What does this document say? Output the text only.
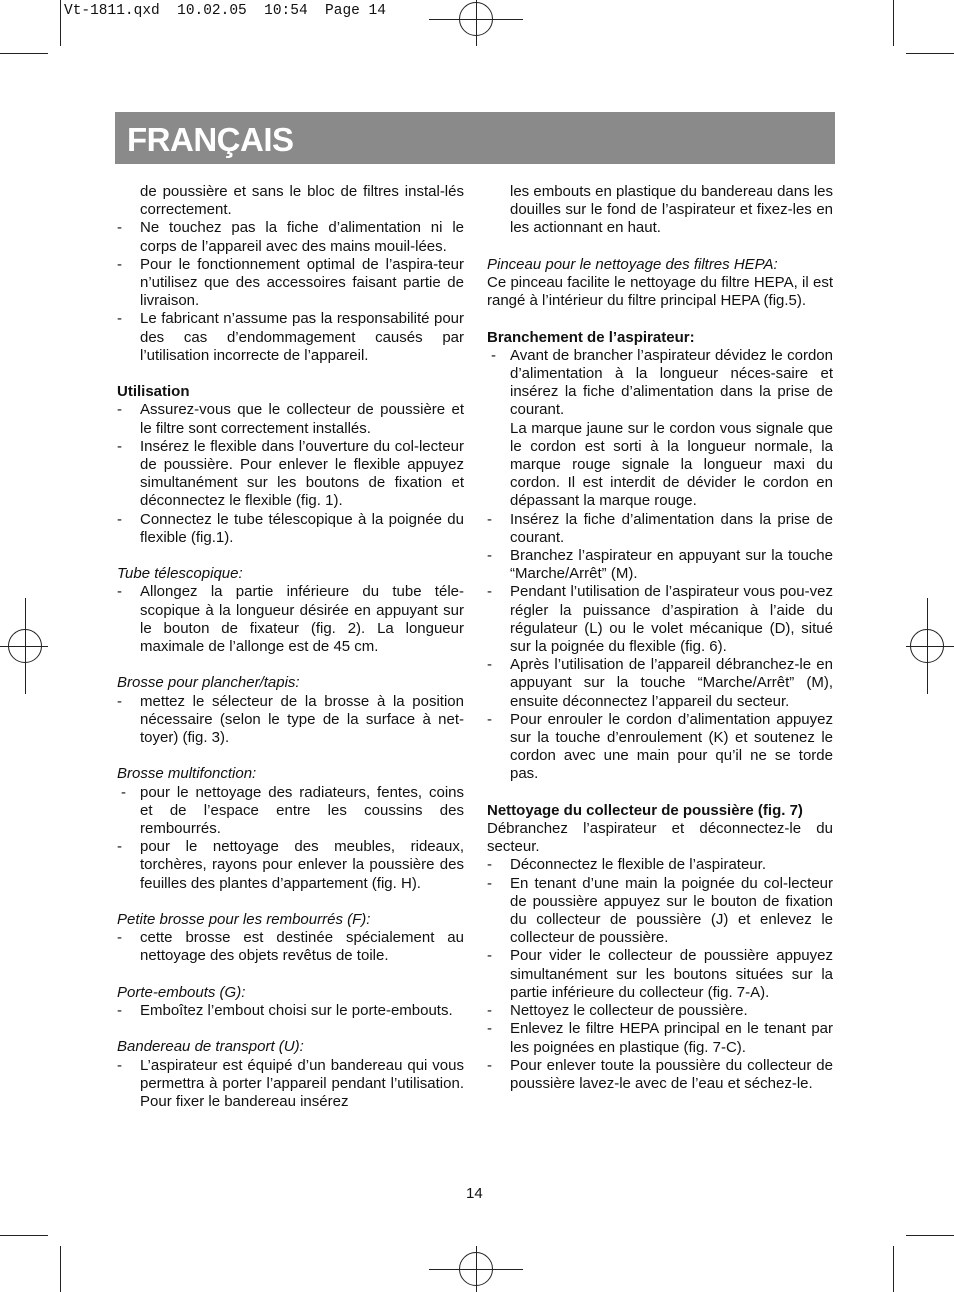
Vt-1811.qxd  10.02.05  10:54  Page 14
FRANÇAIS

de poussière et sans le bloc de filtres instal-lés correctement.

- Ne touchez pas la fiche d’alimentation ni le corps de l’appareil avec des mains mouil-lées.

- Pour le fonctionnement optimal de l’aspira-teur n’utilisez que des accessoires faisant partie de livraison.

- Le fabricant n’assume pas la responsabilité pour des cas d’endommagement causés par l’utilisation incorrecte de l’appareil.

Utilisation

- Assurez-vous que le collecteur de poussière et le filtre sont correctement installés.

- Insérez le flexible dans l’ouverture du col-lecteur de poussière. Pour enlever le flexible appuyez simultanément sur les boutons de fixation et déconnectez le flexible (fig. 1).

- Connectez le tube télescopique à la poignée du flexible (fig.1).

Tube télescopique:

- Allongez la partie inférieure du tube téle-scopique à la longueur désirée en appuyant sur le bouton de fixateur (fig. 2). La longueur maximale de l’allonge est de 45 cm.

Brosse pour plancher/tapis:

- mettez le sélecteur de la brosse à la position nécessaire (selon le type de la surface à net-toyer) (fig. 3).

Brosse multifonction:

- pour le nettoyage des radiateurs, fentes, coins et de l’espace entre les coussins des rembourrés.

- pour le nettoyage des meubles, rideaux, torchères, rayons pour enlever la poussière des feuilles des plantes d’appartement (fig. H).

Petite brosse pour les rembourrés (F):

- cette brosse est destinée spécialement au nettoyage des objets revêtus de toile.

Porte-embouts (G):

- Emboîtez l’embout choisi sur le porte-embouts.

Bandereau de transport (U):

- L’aspirateur est équipé d’un bandereau qui vous permettra à porter l’appareil pendant l’utilisation. Pour fixer le bandereau insérez

les embouts en plastique du bandereau dans les douilles sur le fond de l’aspirateur et fixez-les en les actionnant en haut.

Pinceau pour le nettoyage des filtres HEPA:

Ce pinceau facilite le nettoyage du filtre HEPA, il est rangé à l’intérieur du filtre principal HEPA (fig.5).

Branchement de l’aspirateur:

- Avant de brancher l’aspirateur dévidez le cordon d’alimentation à la longueur néces-saire et insérez la fiche d’alimentation dans la prise de courant.

La marque jaune sur le cordon vous signale que le cordon est sorti à la longueur normale, la marque rouge signale la longueur maxi du cordon. Il est interdit de dévider le cordon en dépassant la marque rouge.

- Insérez la fiche d’alimentation dans la prise de courant.

- Branchez l’aspirateur en appuyant sur la touche “Marche/Arrêt” (M).

- Pendant l’utilisation de l’aspirateur vous pou-vez régler la puissance d’aspiration à l’aide du régulateur (L) ou le volet mécanique (D), situé sur la poignée du flexible (fig. 6).

- Après l’utilisation de l’appareil débranchez-le en appuyant sur la touche “Marche/Arrêt” (M), ensuite déconnectez l’appareil du secteur.

- Pour enrouler le cordon d’alimentation appuyez sur la touche d’enroulement (K) et soutenez le cordon avec une main pour qu’il ne se torde pas.

Nettoyage du collecteur de poussière (fig. 7)

Débranchez l’aspirateur et déconnectez-le du secteur.

- Déconnectez le flexible de l’aspirateur.

- En tenant d’une main la poignée du col-lecteur de poussière appuyez sur le bouton de fixation du collecteur de poussière (J) et enlevez le collecteur de poussière.

- Pour vider le collecteur de poussière appuyez simultanément sur les boutons situées sur la partie inférieure du collecteur (fig. 7-A).

- Nettoyez le collecteur de poussière.

- Enlevez le filtre HEPA principal en le tenant par les poignées en plastique (fig. 7-C).

- Pour enlever toute la poussière du collecteur de poussière lavez-le avec de l’eau et séchez-le.

14
